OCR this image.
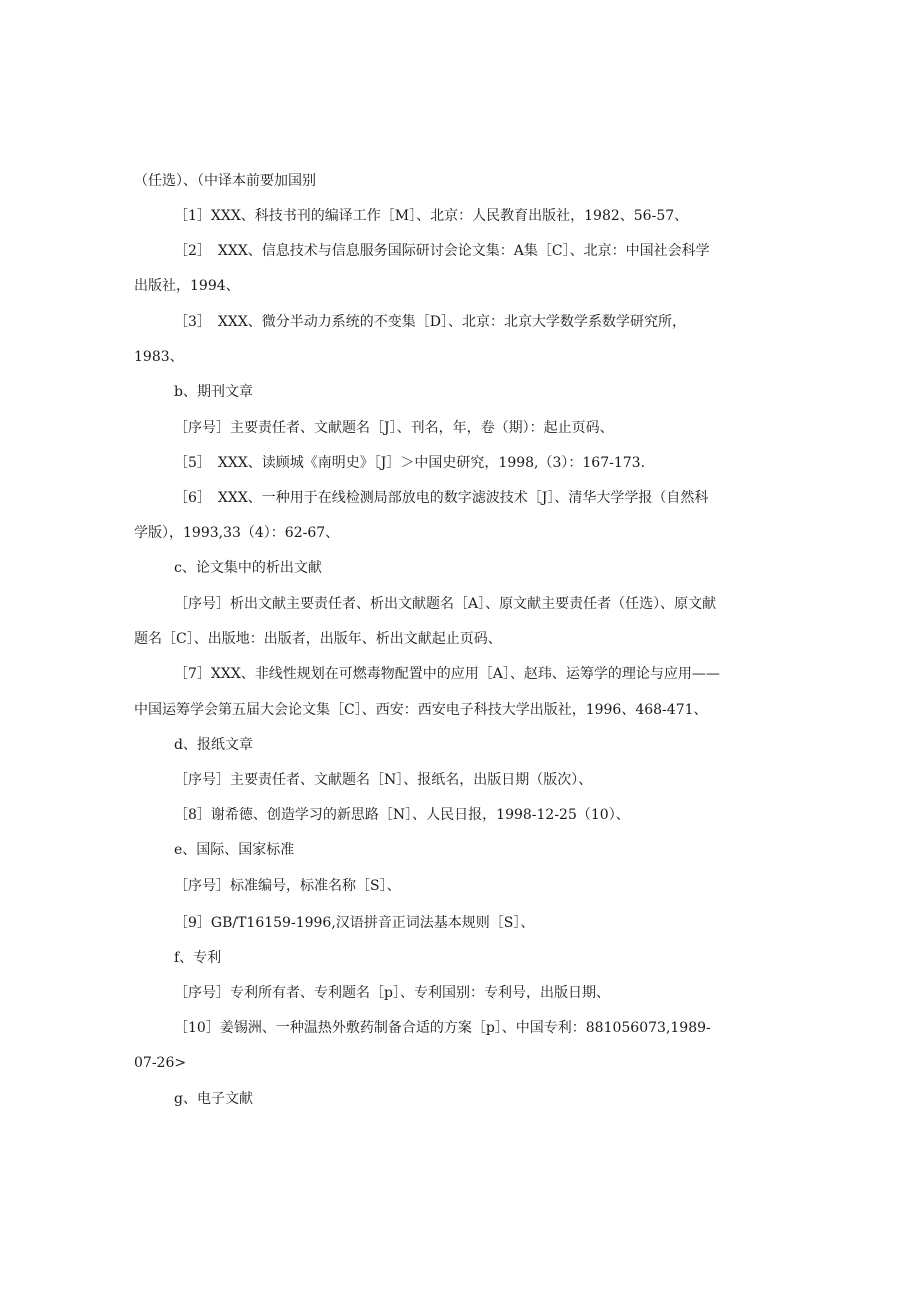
（任选）、（中译本前要加国别
［1］XXX、科技书刊的编译工作［M］、北京：人民教育出版社，1982、56-57、
［2］　XXX、信息技术与信息服务国际研讨会论文集：A集［C］、北京：中国社会科学
出版社，1994、
［3］　XXX、微分半动力系统的不变集［D］、北京：北京大学数学系数学研究所，
1983、
b、期刊文章
［序号］主要责任者、文献题名［J］、刊名，年，卷（期）：起止页码、
［5］　XXX、读顾城《南明史》［J］＞中国史研究，1998,（3）：167-173.
［6］　XXX、一种用于在线检测局部放电的数字滤波技术［J］、清华大学学报（自然科
学版），1993,33（4）：62-67、
c、论文集中的析出文献
［序号］析出文献主要责任者、析出文献题名［A］、原文献主要责任者（任选）、原文献
题名［C］、出版地：出版者，出版年、析出文献起止页码、
［7］XXX、非线性规划在可燃毒物配置中的应用［A］、赵玮、运筹学的理论与应用——
中国运筹学会第五届大会论文集［C］、西安：西安电子科技大学出版社，1996、468-471、
d、报纸文章
［序号］主要责任者、文献题名［N］、报纸名，出版日期（版次）、
［8］谢希德、创造学习的新思路［N］、人民日报，1998-12-25（10）、
e、国际、国家标准
［序号］标准编号，标准名称［S］、
［9］GB/T16159-1996,汉语拼音正词法基本规则［S］、
f、专利
［序号］专利所有者、专利题名［p］、专利国别：专利号，出版日期、
［10］姜锡洲、一种温热外敷药制备合适的方案［p］、中国专利：881056073,1989-
07-26>
g、电子文献
